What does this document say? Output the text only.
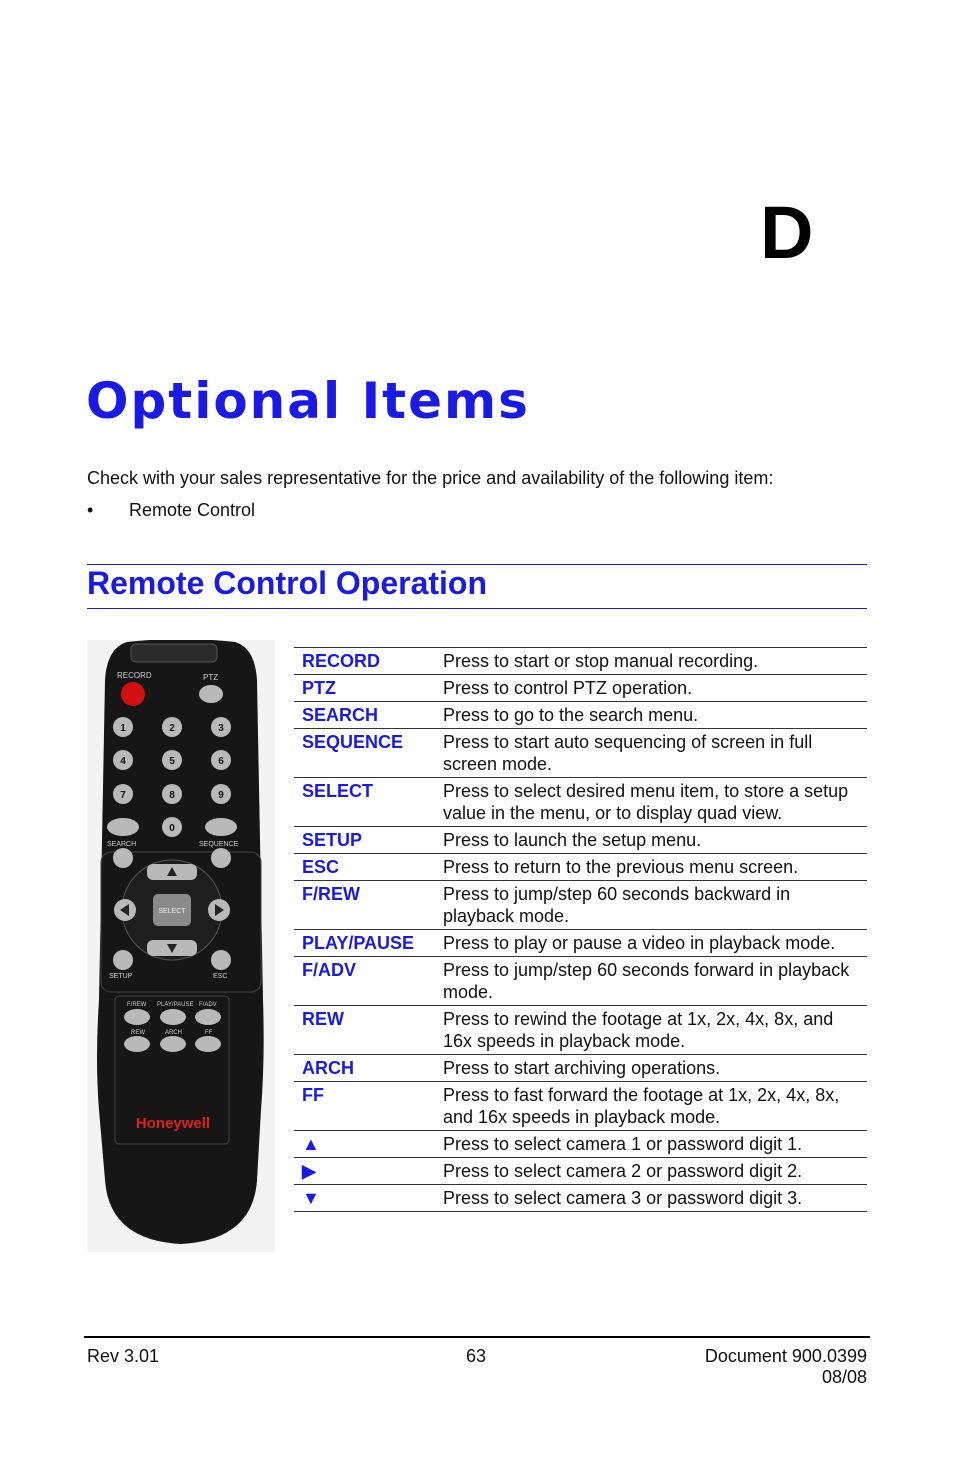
D
Optional Items
Check with your sales representative for the price and availability of the following item:
• Remote Control
Remote Control Operation
RECORD	PTZ
1	2	3
4	5	6
7	8	9
0
SEARCH	SEQUENCE
SELECT
SETUP	ESC
F/REW PLAY/PAUSE F/ADV
REW	ARCH	FF
Honeywell
RECORD	Press to start or stop manual recording.
PTZ	Press to control PTZ operation.
SEARCH	Press to go to the search menu.
SEQUENCE	Press to start auto sequencing of screen in full screen mode.
SELECT	Press to select desired menu item, to store a setup value in the menu, or to display quad view.
SETUP	Press to launch the setup menu.
ESC	Press to return to the previous menu screen.
F/REW	Press to jump/step 60 seconds backward in playback mode.
PLAY/PAUSE	Press to play or pause a video in playback mode.
F/ADV	Press to jump/step 60 seconds forward in playback mode.
REW	Press to rewind the footage at 1x, 2x, 4x, 8x, and 16x speeds in playback mode.
ARCH	Press to start archiving operations.
FF	Press to fast forward the footage at 1x, 2x, 4x, 8x, and 16x speeds in playback mode.
▲	Press to select camera 1 or password digit 1.
▶	Press to select camera 2 or password digit 2.
▼	Press to select camera 3 or password digit 3.
Rev 3.01	63	Document 900.0399
08/08
